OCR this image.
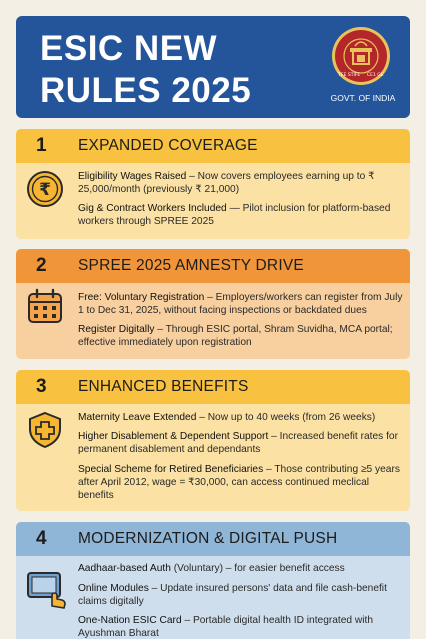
ESIC NEW
RULES 2025	TEE STIFE CE1 GE
GOVT. OF INDIA
1 EXPANDED COVERAGE
₹
Eligibility Wages Raised – Now covers employees earning up to ₹ 25,000/month (previously ₹ 21,000)
Gig & Contract Workers Included — Pilot inclusion for platform-based workers through SPREE 2025
2 SPREE 2025 AMNESTY DRIVE
Free: Voluntary Registration – Employers/workers can register from July 1 to Dec 31, 2025, without facing inspections or backdated dues
Register Digitally – Through ESIC portal, Shram Suvidha, MCA portal; effective immediately upon registration
3 ENHANCED BENEFITS
Maternity Leave Extended – Now up to 40 weeks (from 26 weeks)
Higher Disablement & Dependent Support – Increased benefit rates for permanent disablement and dependants
Special Scheme for Retired Beneficiaries – Those contributing ≥5 years after April 2012, wage = ₹30,000, can access continued meclical benefits
4 MODERNIZATION & DIGITAL PUSH
Aadhaar-based Auth (Voluntary) – for easier benefit access
Online Modules – Update insured persons' data and file cash-benefit claims digitally
One-Nation ESIC Card – Portable digital health ID integrated with Ayushman Bharat
